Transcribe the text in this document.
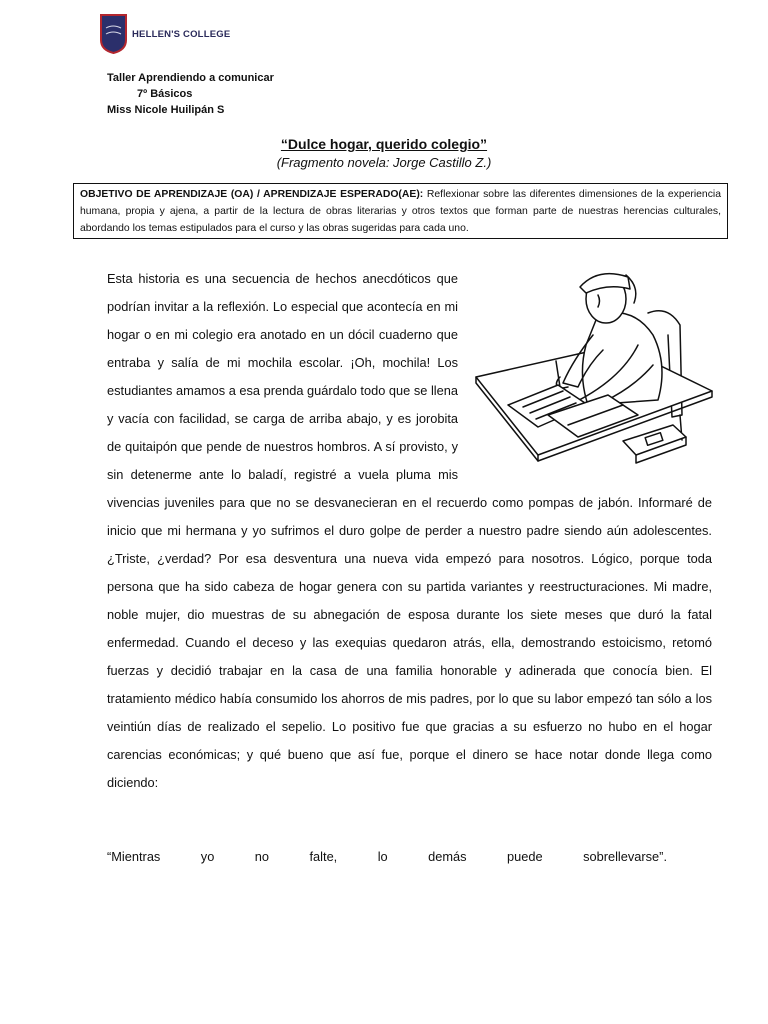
HELLEN'S COLLEGE
Taller Aprendiendo a comunicar
7º Básicos
Miss Nicole Huilipán S
“Dulce hogar, querido colegio”
(Fragmento novela: Jorge Castillo Z.)
OBJETIVO DE APRENDIZAJE (OA) / APRENDIZAJE ESPERADO(AE): Reflexionar sobre las diferentes dimensiones de la experiencia humana, propia y ajena, a partir de la lectura de obras literarias y otros textos que forman parte de nuestras herencias culturales, abordando los temas estipulados para el curso y las obras sugeridas para cada uno.
Esta historia es una secuencia de hechos anecdóticos que podrían invitar a la reflexión. Lo especial que acontecía en mi hogar o en mi colegio era anotado en un dócil cuaderno que entraba y salía de mi mochila escolar. ¡Oh, mochila! Los estudiantes amamos a esa prenda guárdalo todo que se llena y vacía con facilidad, se carga de arriba abajo, y es jorobita de quitaipón que pende de nuestros hombros. A sí provisto, y sin detenerme ante lo baladí, registré a vuela pluma mis vivencias juveniles para que no se desvanecieran en el recuerdo como pompas de jabón. Informaré de inicio que mi hermana y yo sufrimos el duro golpe de perder a nuestro padre siendo aún adolescentes. ¿Triste, ¿verdad? Por esa desventura una nueva vida empezó para nosotros. Lógico, porque toda persona que ha sido cabeza de hogar genera con su partida variantes y reestructuraciones. Mi madre, noble mujer, dio muestras de su abnegación de esposa durante los siete meses que duró la fatal enfermedad. Cuando el deceso y las exequias quedaron atrás, ella, demostrando estoicismo, retomó fuerzas y decidió trabajar en la casa de una familia honorable y adinerada que conocía bien. El tratamiento médico había consumido los ahorros de mis padres, por lo que su labor empezó tan sólo a los veintiún días de realizado el sepelio. Lo positivo fue que gracias a su esfuerzo no hubo en el hogar carencias económicas; y qué bueno que así fue, porque el dinero se hace notar donde llega como diciendo:
“Mientras yo no falte, lo demás puede sobrellevarse”.
